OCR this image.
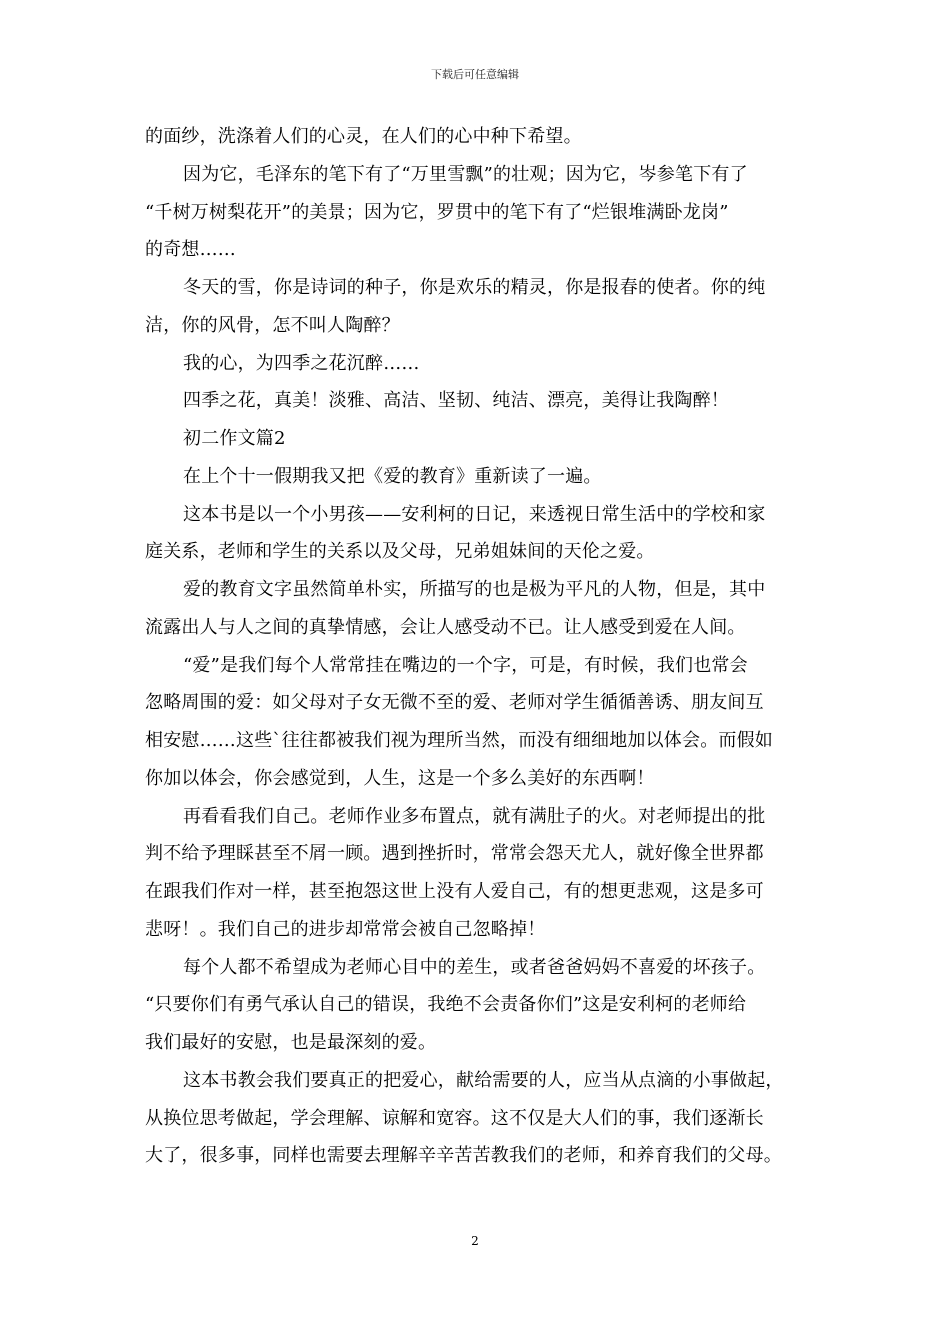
下载后可任意编辑
的面纱，洗涤着人们的心灵，在人们的心中种下希望。
因为它，毛泽东的笔下有了“万里雪飘”的壮观；因为它，岑参笔下有了
“千树万树梨花开”的美景；因为它，罗贯中的笔下有了“烂银堆满卧龙岗”
的奇想……
冬天的雪，你是诗词的种子，你是欢乐的精灵，你是报春的使者。你的纯
洁，你的风骨，怎不叫人陶醉？
我的心，为四季之花沉醉……
四季之花，真美！淡雅、高洁、坚韧、纯洁、漂亮，美得让我陶醉！
初二作文篇2
在上个十一假期我又把《爱的教育》重新读了一遍。
这本书是以一个小男孩——安利柯的日记，来透视日常生活中的学校和家
庭关系，老师和学生的关系以及父母，兄弟姐妹间的天伦之爱。
爱的教育文字虽然简单朴实，所描写的也是极为平凡的人物，但是，其中
流露出人与人之间的真挚情感，会让人感受动不已。让人感受到爱在人间。
“爱”是我们每个人常常挂在嘴边的一个字，可是，有时候，我们也常会
忽略周围的爱：如父母对子女无微不至的爱、老师对学生循循善诱、朋友间互
相安慰……这些`往往都被我们视为理所当然，而没有细细地加以体会。而假如
你加以体会，你会感觉到，人生，这是一个多么美好的东西啊！
再看看我们自己。老师作业多布置点，就有满肚子的火。对老师提出的批
判不给予理睬甚至不屑一顾。遇到挫折时，常常会怨天尤人，就好像全世界都
在跟我们作对一样，甚至抱怨这世上没有人爱自己，有的想更悲观，这是多可
悲呀！。我们自己的进步却常常会被自己忽略掉！
每个人都不希望成为老师心目中的差生，或者爸爸妈妈不喜爱的坏孩子。
“只要你们有勇气承认自己的错误，我绝不会责备你们”这是安利柯的老师给
我们最好的安慰，也是最深刻的爱。
这本书教会我们要真正的把爱心，献给需要的人，应当从点滴的小事做起，
从换位思考做起，学会理解、谅解和宽容。这不仅是大人们的事，我们逐渐长
大了，很多事，同样也需要去理解辛辛苦苦教我们的老师，和养育我们的父母。
2
